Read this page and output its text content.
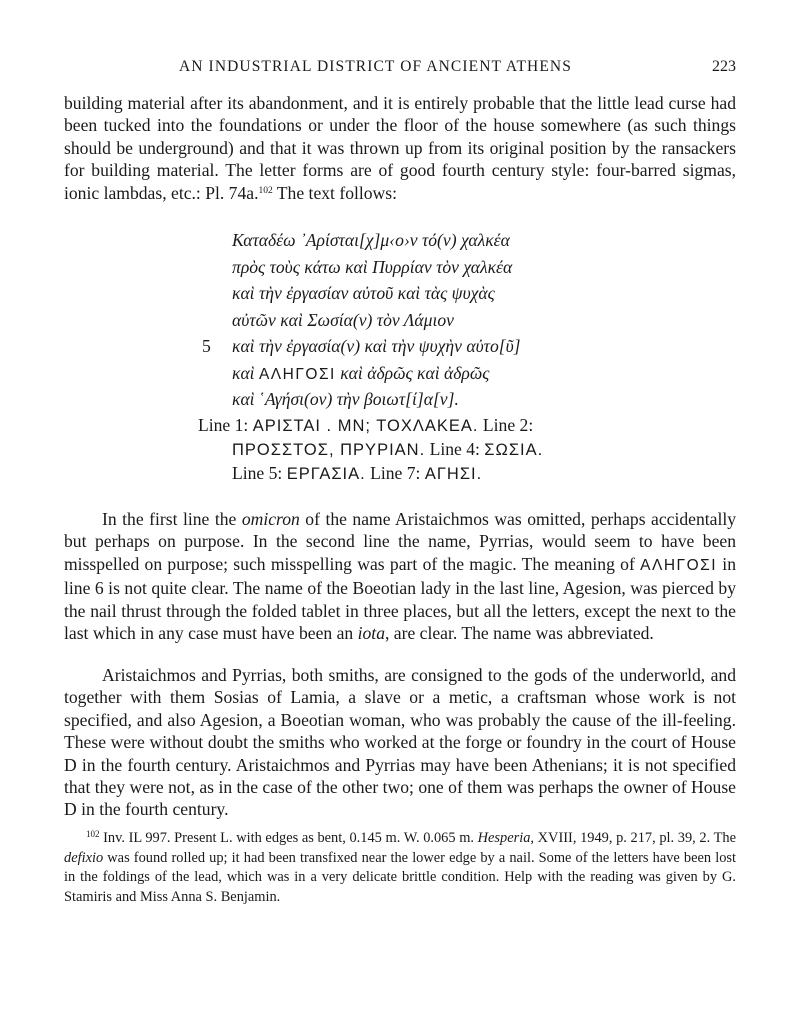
AN INDUSTRIAL DISTRICT OF ANCIENT ATHENS	223

building material after its abandonment, and it is entirely probable that the little lead curse had been tucked into the foundations or under the floor of the house somewhere (as such things should be underground) and that it was thrown up from its original position by the ransackers for building material. The letter forms are of good fourth century style: four-barred sigmas, ionic lambdas, etc.: Pl. 74a.$^{102}$ The text follows:

Καταδέω ᾽Αρίσται[χ]μ‹ο›ν τό(ν) χαλκέα
πρὸς τοὺς κάτω καὶ Πυρρίαν τὸν χαλκέα
καὶ τὴν ἐργασίαν αὐτοῦ καὶ τὰς ψυχὰς
αὐτῶν καὶ Σωσία(ν) τὸν Λάμιον
5 καὶ τὴν ἐργασία(ν) καὶ τὴν ψυχὴν αὐτο[ῦ]
καὶ ΑΛΗΓΟΣΙ καὶ ἀδρῶς καὶ ἀδρῶς
καὶ ῾Αγήσι(ον) τὴν βοιωτ[ί]α[ν].
Line 1: ΑΡΙΣΤΑΙ . ΜΝ; ΤΟΧΛΑΚΕΑ. Line 2:
ΠΡΟΣΣΤΟΣ, ΠΡΥΡΙΑΝ. Line 4: ΣΩΣΙΑ.
Line 5: ΕΡΓΑΣΙΑ. Line 7: ΑΓΗΣΙ.

In the first line the omicron of the name Aristaichmos was omitted, perhaps accidentally but perhaps on purpose. In the second line the name, Pyrrias, would seem to have been misspelled on purpose; such misspelling was part of the magic. The meaning of ΑΛΗΓΟΣΙ in line 6 is not quite clear. The name of the Boeotian lady in the last line, Agesion, was pierced by the nail thrust through the folded tablet in three places, but all the letters, except the next to the last which in any case must have been an iota, are clear. The name was abbreviated.

Aristaichmos and Pyrrias, both smiths, are consigned to the gods of the underworld, and together with them Sosias of Lamia, a slave or a metic, a craftsman whose work is not specified, and also Agesion, a Boeotian woman, who was probably the cause of the ill-feeling. These were without doubt the smiths who worked at the forge or foundry in the court of House D in the fourth century. Aristaichmos and Pyrrias may have been Athenians; it is not specified that they were not, as in the case of the other two; one of them was perhaps the owner of House D in the fourth century.

$^{102}$ Inv. IL 997. Present L. with edges as bent, 0.145 m. W. 0.065 m. Hesperia, XVIII, 1949, p. 217, pl. 39, 2. The defixio was found rolled up; it had been transfixed near the lower edge by a nail. Some of the letters have been lost in the foldings of the lead, which was in a very delicate brittle condition. Help with the reading was given by G. Stamiris and Miss Anna S. Benjamin.
